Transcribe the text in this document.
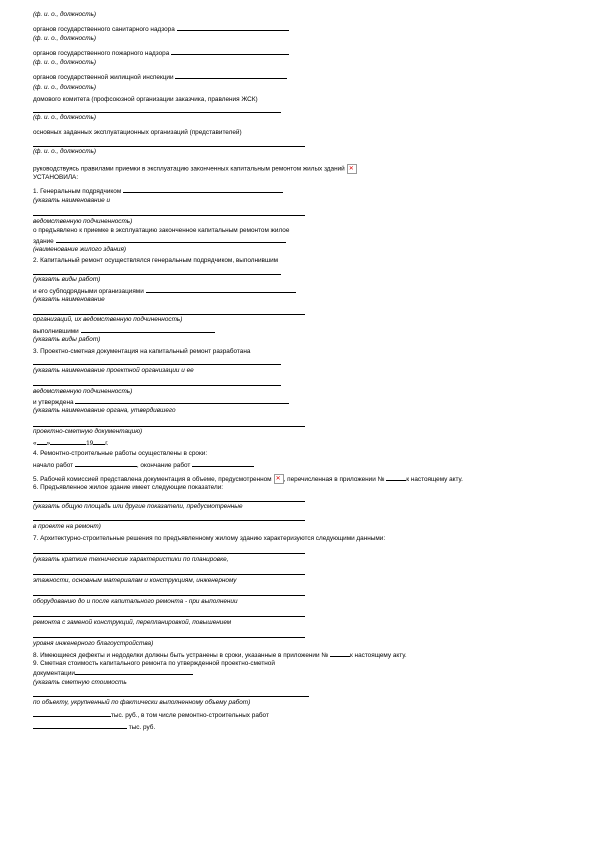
(ф. и. о., должность)
органов государственного санитарного надзора
(ф. и. о., должность)
органов государственного пожарного надзора
(ф. и. о., должность)
органов государственной жилищной инспекции
(ф. и. о., должность)
домового комитета (профсоюзной организации заказчика, правления ЖСК)
(ф. и. о., должность)
основных заданных эксплуатационных организаций (представителей)
(ф. и. о., должность)
руководствуясь правилами приемки в эксплуатацию законченных капитальным ремонтом жилых зданий✕
УСТАНОВИЛА:
1. Генеральным подрядчиком
(указать наименование и
ведомственную подчиненность)
о предъявлено к приемке в эксплуатацию законченное капитальным ремонтом жилое
здание
(наименование жилого здания)
2. Капитальный ремонт осуществлялся генеральным подрядчиком, выполнившим
(указать виды работ)
и его субподрядными организациями
(указать наименование
организаций, их ведомственную подчиненность)
выполнившими
(указать виды работ)
3. Проектно-сметная документация на капитальный ремонт разработана
(указать наименование проектной организации и ее
ведомственную подчиненность)
и утверждена
(указать наименование органа, утвердившего
проектно-сметную документацию)
« »	19 г.
4. Ремонтно-строительные работы осуществлены в сроки:
начало работ	, окончание работ
5. Рабочей комиссией представлена документация в объеме, предусмотренном✕ , перечисленная в приложении №	к настоящему акту.
6. Предъявленное жилое здание имеет следующие показатели:
(указать общую площадь или другие показатели, предусмотренные
в проекте на ремонт)
7. Архитектурно-строительные решения по предъявленному жилому зданию характеризуются следующими данными:
(указать краткие технические характеристики по планировке,
этажности, основным материалам и конструкциям, инженерному
оборудованию до и после капитального ремонта - при выполнении
ремонта с заменой конструкций, перепланировкой, повышением
уровня инженерного благоустройства)
8. Имеющиеся дефекты и недоделки должны быть устранены в сроки, указанные в приложении №	к настоящему акту.
9. Сметная стоимость капитального ремонта по утвержденной проектно-сметной
документации
(указать сметную стоимость
по объекту, укрупненный по фактически выполненному объему работ)
тыс. руб., в том числе ремонтно-строительных работ
тыс. руб.
